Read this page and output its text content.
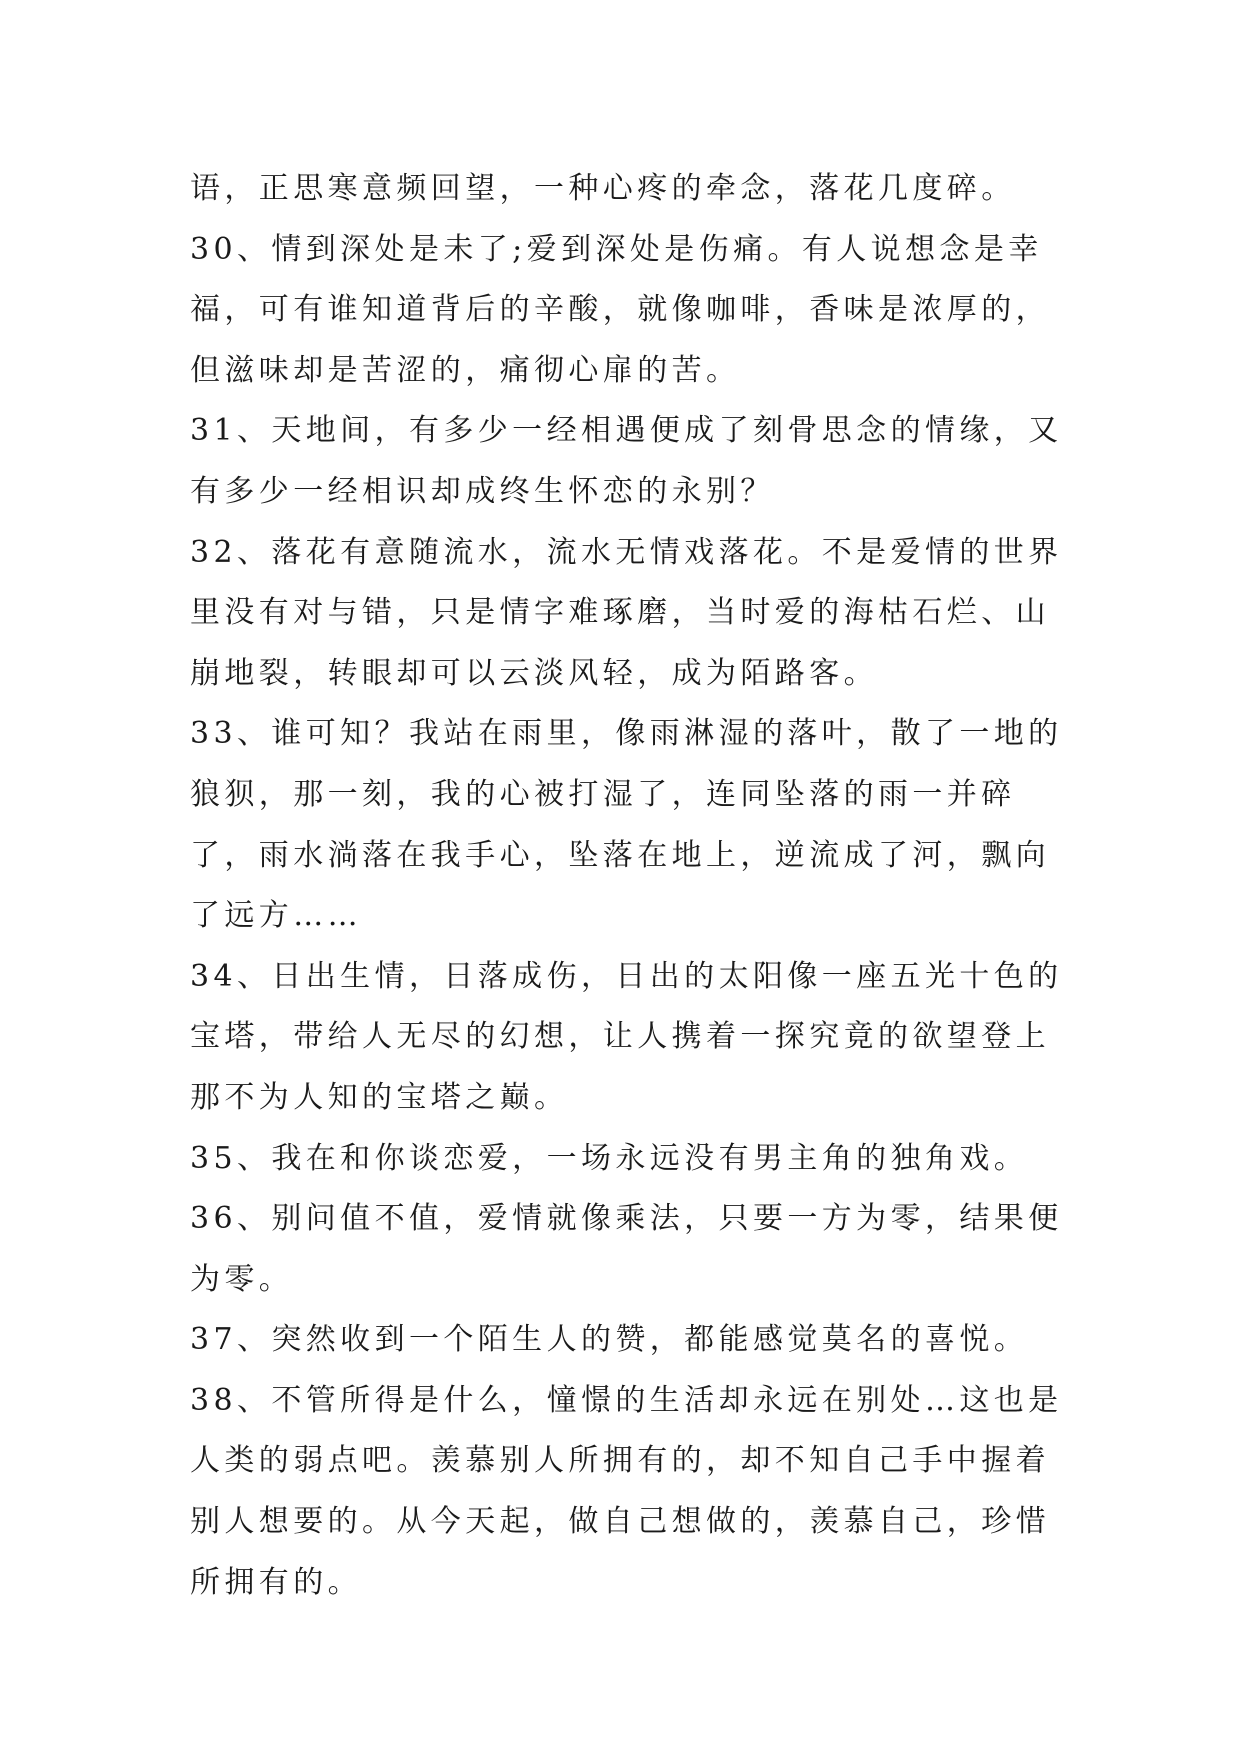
语，正思寒意频回望，一种心疼的牵念，落花几度碎。

30、情到深处是未了;爱到深处是伤痛。有人说想念是幸福，可有谁知道背后的辛酸，就像咖啡，香味是浓厚的，但滋味却是苦涩的，痛彻心扉的苦。

31、天地间，有多少一经相遇便成了刻骨思念的情缘，又有多少一经相识却成终生怀恋的永别？

32、落花有意随流水，流水无情戏落花。不是爱情的世界里没有对与错，只是情字难琢磨，当时爱的海枯石烂、山崩地裂，转眼却可以云淡风轻，成为陌路客。

33、谁可知？我站在雨里，像雨淋湿的落叶，散了一地的狼狈，那一刻，我的心被打湿了，连同坠落的雨一并碎了，雨水淌落在我手心，坠落在地上，逆流成了河，飘向了远方……

34、日出生情，日落成伤，日出的太阳像一座五光十色的宝塔，带给人无尽的幻想，让人携着一探究竟的欲望登上那不为人知的宝塔之巅。

35、我在和你谈恋爱，一场永远没有男主角的独角戏。

36、别问值不值，爱情就像乘法，只要一方为零，结果便为零。

37、突然收到一个陌生人的赞，都能感觉莫名的喜悦。

38、不管所得是什么，憧憬的生活却永远在别处…这也是人类的弱点吧。羡慕别人所拥有的，却不知自己手中握着别人想要的。从今天起，做自己想做的，羡慕自己，珍惜所拥有的。
